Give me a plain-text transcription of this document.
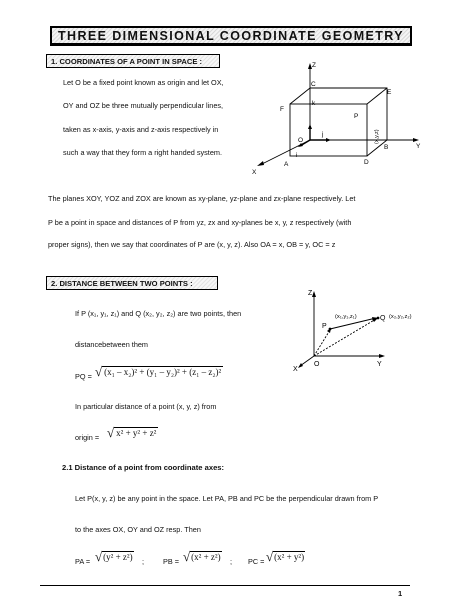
THREE DIMENSIONAL COORDINATE GEOMETRY
1. COORDINATES OF A POINT IN SPACE :
Let O be a fixed point known as origin and let OX,
OY and OZ be three mutually perpendicular lines,
taken as x-axis, y-axis and z-axis respectively in
such a way that they form a right handed system.
Z
C
E
F
k
P
(x,y,z)
O
j
Y
i
A	D
B
X
The planes XOY, YOZ and ZOX are known as xy-plane, yz-plane and zx-plane respectively. Let
P be a point in space and distances of P from yz, zx and xy-planes be x, y, z respectively (with
proper signs), then we say that coordinates of P are (x, y, z). Also OA = x, OB = y, OC = z
2. DISTANCE BETWEEN TWO POINTS :
If P (x₁, y₁, z₁) and Q (x₂, y₂, z₂) are two points, then
distancebetween them
PQ = √ (x₁ – x₂)² + (y₁ – y₂)² + (z₁ – z₂)²
In particular distance of a point (x, y, z) from
origin = √ x² + y² + z²
Z
P
(x₁,y₁,z₁)	Q (x₂,y₂,z₂)
X
O	Y
2.1 Distance of a point from coordinate axes:
Let P(x, y, z) be any point in the space. Let PA, PB and PC be the perpendicular drawn from P
to the axes OX, OY and OZ resp. Then
PA = √(y² + z²) ;	PB = √(x² + z²) ; PC = √(x² + y²)
1
